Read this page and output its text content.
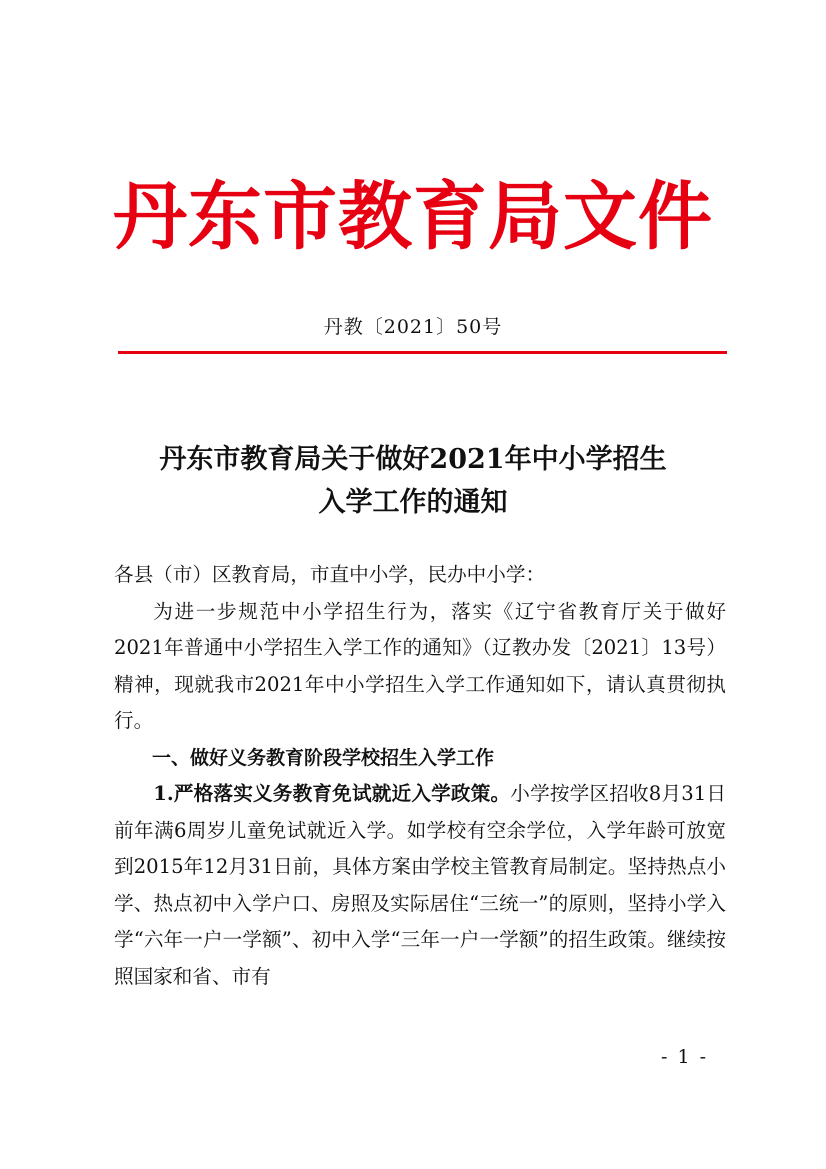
丹东市教育局文件
丹教〔2021〕50号
丹东市教育局关于做好2021年中小学招生
入学工作的通知

各县（市）区教育局，市直中小学，民办中小学：

为进一步规范中小学招生行为，落实《辽宁省教育厅关于做好2021年普通中小学招生入学工作的通知》（辽教办发〔2021〕13号）精神，现就我市2021年中小学招生入学工作通知如下，请认真贯彻执行。

一、做好义务教育阶段学校招生入学工作

1.严格落实义务教育免试就近入学政策。小学按学区招收8月31日前年满6周岁儿童免试就近入学。如学校有空余学位，入学年龄可放宽到2015年12月31日前，具体方案由学校主管教育局制定。坚持热点小学、热点初中入学户口、房照及实际居住“三统一”的原则，坚持小学入学“六年一户一学额”、初中入学“三年一户一学额”的招生政策。继续按照国家和省、市有

- 1 -
